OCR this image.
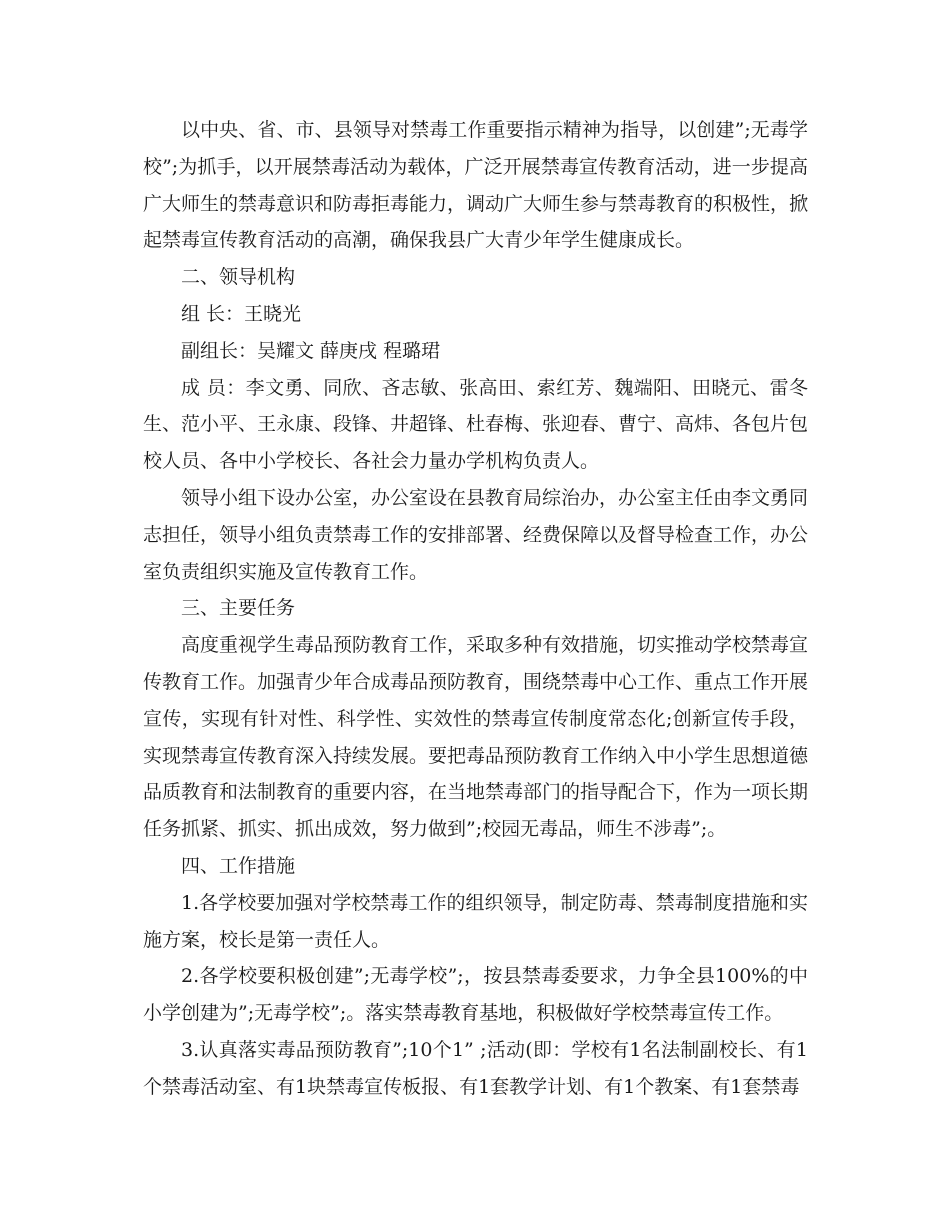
以中央、省、市、县领导对禁毒工作重要指示精神为指导，以创建”;无毒学校”;为抓手，以开展禁毒活动为载体，广泛开展禁毒宣传教育活动，进一步提高广大师生的禁毒意识和防毒拒毒能力，调动广大师生参与禁毒教育的积极性，掀起禁毒宣传教育活动的高潮，确保我县广大青少年学生健康成长。

二、领导机构

组 长：王晓光

副组长：吴耀文 薛庚戌 程璐珺

成 员：李文勇、同欣、吝志敏、张高田、索红芳、魏端阳、田晓元、雷冬生、范小平、王永康、段锋、井超锋、杜春梅、张迎春、曹宁、高炜、各包片包校人员、各中小学校长、各社会力量办学机构负责人。

领导小组下设办公室，办公室设在县教育局综治办，办公室主任由李文勇同志担任，领导小组负责禁毒工作的安排部署、经费保障以及督导检查工作，办公室负责组织实施及宣传教育工作。

三、主要任务

高度重视学生毒品预防教育工作，采取多种有效措施，切实推动学校禁毒宣传教育工作。加强青少年合成毒品预防教育，围绕禁毒中心工作、重点工作开展宣传，实现有针对性、科学性、实效性的禁毒宣传制度常态化;创新宣传手段，实现禁毒宣传教育深入持续发展。要把毒品预防教育工作纳入中小学生思想道德品质教育和法制教育的重要内容，在当地禁毒部门的指导配合下，作为一项长期任务抓紧、抓实、抓出成效，努力做到”;校园无毒品，师生不涉毒”;。

四、工作措施

1.各学校要加强对学校禁毒工作的组织领导，制定防毒、禁毒制度措施和实施方案，校长是第一责任人。

2.各学校要积极创建”;无毒学校”;，按县禁毒委要求，力争全县100%的中小学创建为”;无毒学校”;。落实禁毒教育基地，积极做好学校禁毒宣传工作。

3.认真落实毒品预防教育”;10个1” ;活动(即：学校有1名法制副校长、有1个禁毒活动室、有1块禁毒宣传板报、有1套教学计划、有1个教案、有1套禁毒
